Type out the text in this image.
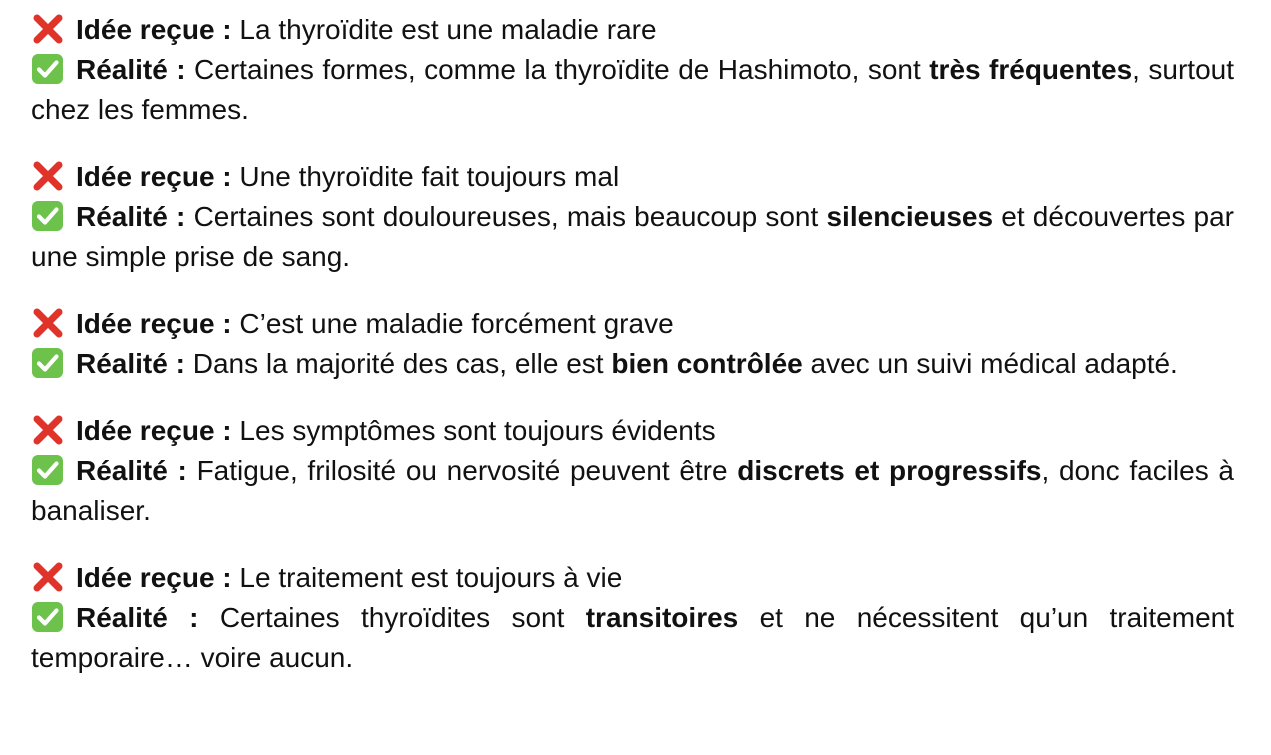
Idée reçue : La thyroïdite est une maladie rare

Réalité : Certaines formes, comme la thyroïdite de Hashimoto, sont très fréquentes, surtout chez les femmes.

Idée reçue : Une thyroïdite fait toujours mal

Réalité : Certaines sont douloureuses, mais beaucoup sont silencieuses et découvertes par une simple prise de sang.

Idée reçue : C’est une maladie forcément grave

Réalité : Dans la majorité des cas, elle est bien contrôlée avec un suivi médical adapté.

Idée reçue : Les symptômes sont toujours évidents

Réalité : Fatigue, frilosité ou nervosité peuvent être discrets et progressifs, donc faciles à banaliser.

Idée reçue : Le traitement est toujours à vie

Réalité : Certaines thyroïdites sont transitoires et ne nécessitent qu’un traitement temporaire… voire aucun.
